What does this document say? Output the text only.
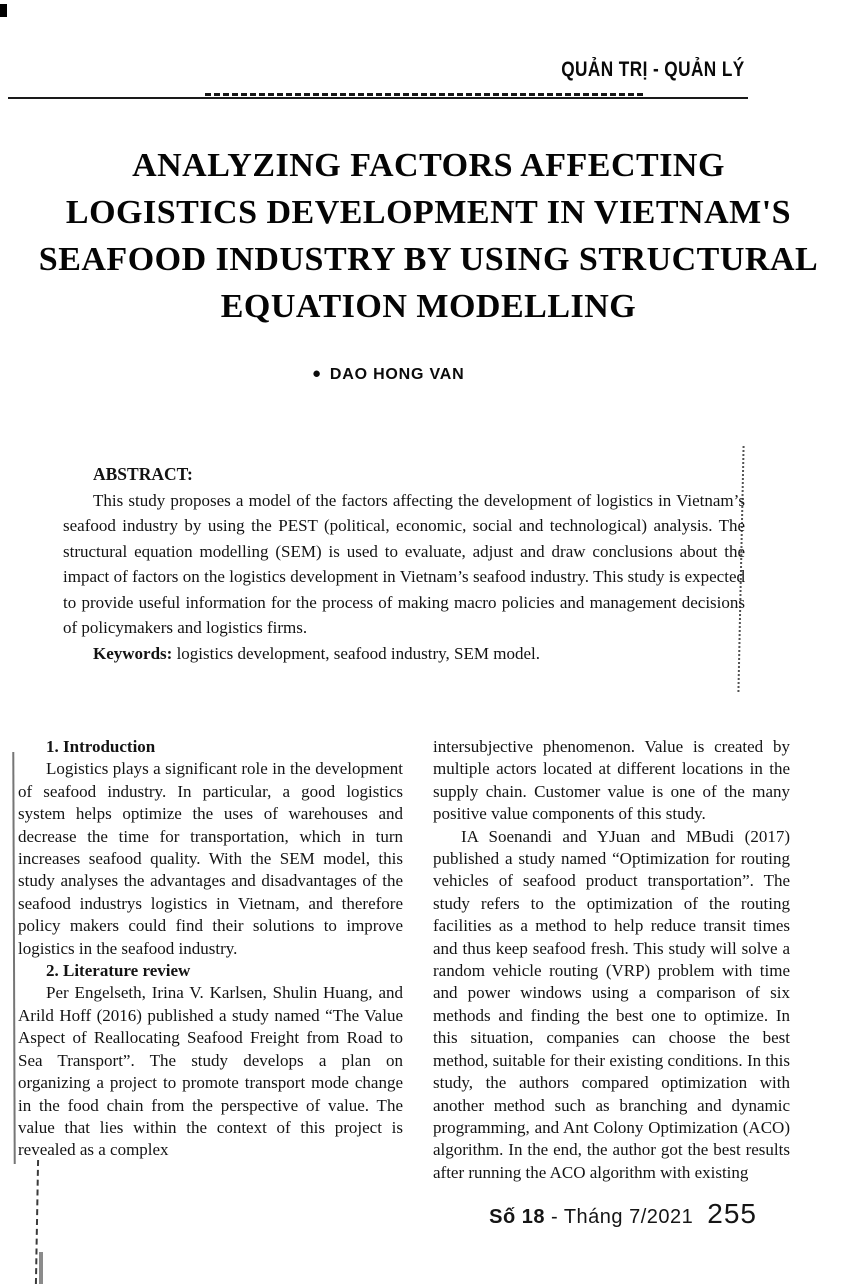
QUẢN TRỊ - QUẢN LÝ
ANALYZING FACTORS AFFECTING
LOGISTICS DEVELOPMENT IN VIETNAM'S
SEAFOOD INDUSTRY BY USING STRUCTURAL
EQUATION MODELLING
● DAO HONG VAN
ABSTRACT:

This study proposes a model of the factors affecting the development of logistics in Vietnam’s seafood industry by using the PEST (political, economic, social and technological) analysis. The structural equation modelling (SEM) is used to evaluate, adjust and draw conclusions about the impact of factors on the logistics development in Vietnam’s seafood industry. This study is expected to provide useful information for the process of making macro policies and management decisions of policymakers and logistics firms.

Keywords: logistics development, seafood industry, SEM model.

1. Introduction

Logistics plays a significant role in the development of seafood industry. In particular, a good logistics system helps optimize the uses of warehouses and decrease the time for transportation, which in turn increases seafood quality. With the SEM model, this study analyses the advantages and disadvantages of the seafood industrys logistics in Vietnam, and therefore policy makers could find their solutions to improve logistics in the seafood industry.

2. Literature review

Per Engelseth, Irina V. Karlsen, Shulin Huang, and Arild Hoff (2016) published a study named “The Value Aspect of Reallocating Seafood Freight from Road to Sea Transport”. The study develops a plan on organizing a project to promote transport mode change in the food chain from the perspective of value. The value that lies within the context of this project is revealed as a complex

intersubjective phenomenon. Value is created by multiple actors located at different locations in the supply chain. Customer value is one of the many positive value components of this study.

IA Soenandi and YJuan and MBudi (2017) published a study named “Optimization for routing vehicles of seafood product transportation”. The study refers to the optimization of the routing facilities as a method to help reduce transit times and thus keep seafood fresh. This study will solve a random vehicle routing (VRP) problem with time and power windows using a comparison of six methods and finding the best one to optimize. In this situation, companies can choose the best method, suitable for their existing conditions. In this study, the authors compared optimization with another method such as branching and dynamic programming, and Ant Colony Optimization (ACO) algorithm. In the end, the author got the best results after running the ACO algorithm with existing

Số 18 - Tháng 7/2021 255
